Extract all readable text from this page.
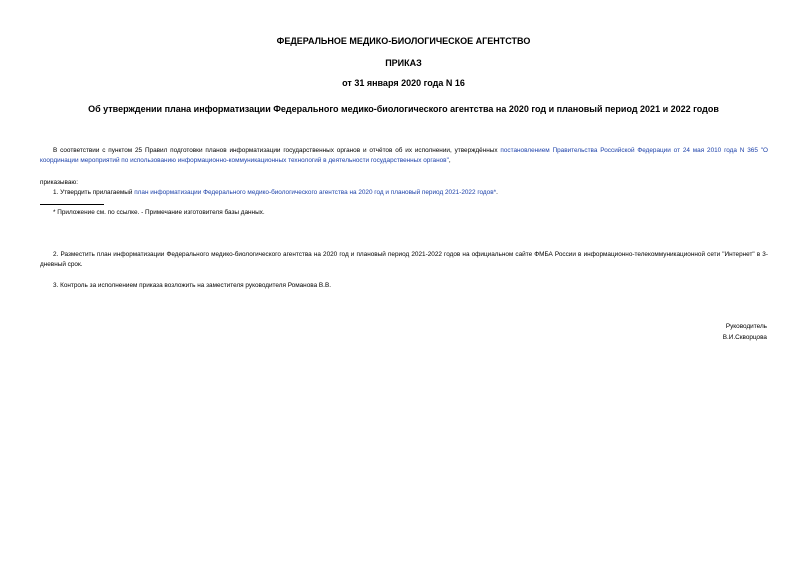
ФЕДЕРАЛЬНОЕ МЕДИКО-БИОЛОГИЧЕСКОЕ АГЕНТСТВО
ПРИКАЗ
от 31 января 2020 года N 16
Об утверждении плана информатизации Федерального медико-биологического агентства на 2020 год и плановый период 2021 и 2022 годов
В соответствии с пунктом 25 Правил подготовки планов информатизации государственных органов и отчётов об их исполнении, утверждённых постановлением Правительства Российской Федерации от 24 мая 2010 года N 365 "О координации мероприятий по использованию информационно-коммуникационных технологий в деятельности государственных органов",
приказываю:
1. Утвердить прилагаемый план информатизации Федерального медико-биологического агентства на 2020 год и плановый период 2021-2022 годов*.
* Приложение см. по ссылке. - Примечание изготовителя базы данных.
2. Разместить план информатизации Федерального медико-биологического агентства на 2020 год и плановый период 2021-2022 годов на официальном сайте ФМБА России в информационно-телекоммуникационной сети "Интернет" в 3-дневный срок.
3. Контроль за исполнением приказа возложить на заместителя руководителя Романова В.В.
Руководитель
В.И.Скворцова
